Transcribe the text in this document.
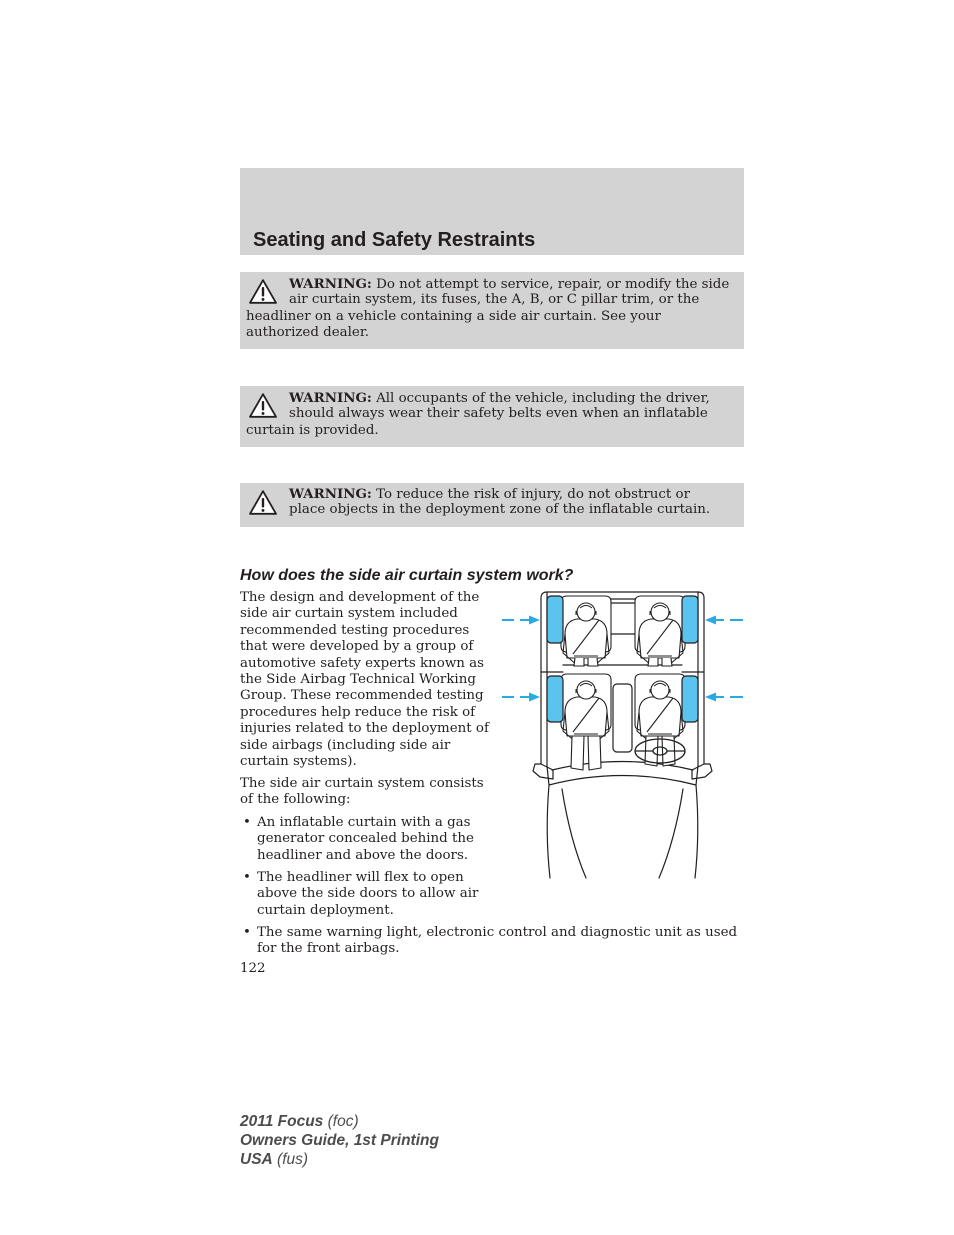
Seating and Safety Restraints
WARNING: Do not attempt to service, repair, or modify the side
air curtain system, its fuses, the A, B, or C pillar trim, or the
headliner on a vehicle containing a side air curtain. See your
authorized dealer.
WARNING: All occupants of the vehicle, including the driver,
should always wear their safety belts even when an inflatable
curtain is provided.
WARNING: To reduce the risk of injury, do not obstruct or
place objects in the deployment zone of the inflatable curtain.
How does the side air curtain system work?
The design and development of the
side air curtain system included
recommended testing procedures
that were developed by a group of
automotive safety experts known as
the Side Airbag Technical Working
Group. These recommended testing
procedures help reduce the risk of
injuries related to the deployment of
side airbags (including side air
curtain systems).
The side air curtain system consists
of the following:
• An inflatable curtain with a gas
generator concealed behind the
headliner and above the doors.
• The headliner will flex to open
above the side doors to allow air
curtain deployment.
• The same warning light, electronic control and diagnostic unit as used
for the front airbags.
122
2011 Focus (foc)
Owners Guide, 1st Printing
USA (fus)
